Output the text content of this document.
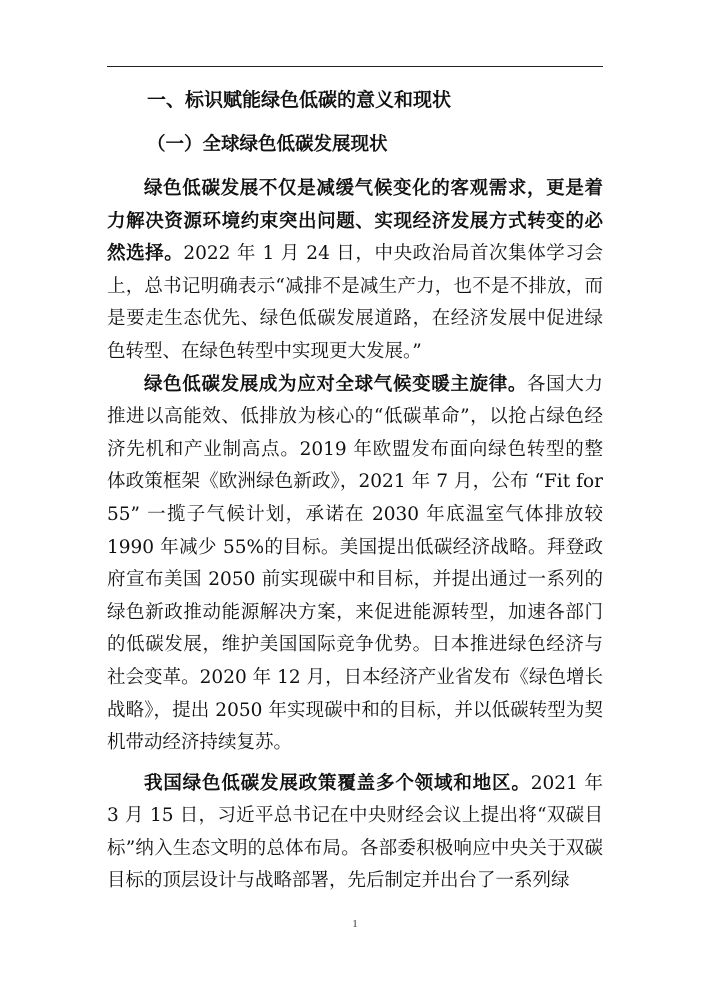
一、标识赋能绿色低碳的意义和现状
（一）全球绿色低碳发展现状

绿色低碳发展不仅是减缓气候变化的客观需求，更是着力解决资源环境约束突出问题、实现经济发展方式转变的必然选择。2022 年 1 月 24 日，中央政治局首次集体学习会上，总书记明确表示“减排不是减生产力，也不是不排放，而是要走生态优先、绿色低碳发展道路，在经济发展中促进绿色转型、在绿色转型中实现更大发展。”

绿色低碳发展成为应对全球气候变暖主旋律。各国大力推进以高能效、低排放为核心的“低碳革命”，以抢占绿色经济先机和产业制高点。2019 年欧盟发布面向绿色转型的整体政策框架《欧洲绿色新政》，2021 年 7 月，公布 “Fit for 55” 一揽子气候计划，承诺在 2030 年底温室气体排放较 1990 年减少 55%的目标。美国提出低碳经济战略。拜登政府宣布美国 2050 前实现碳中和目标，并提出通过一系列的绿色新政推动能源解决方案，来促进能源转型，加速各部门的低碳发展，维护美国国际竞争优势。日本推进绿色经济与社会变革。2020 年 12 月，日本经济产业省发布《绿色增长战略》，提出 2050 年实现碳中和的目标，并以低碳转型为契机带动经济持续复苏。

我国绿色低碳发展政策覆盖多个领域和地区。2021 年 3 月 15 日，习近平总书记在中央财经会议上提出将“双碳目标”纳入生态文明的总体布局。各部委积极响应中央关于双碳目标的顶层设计与战略部署，先后制定并出台了一系列绿

1
